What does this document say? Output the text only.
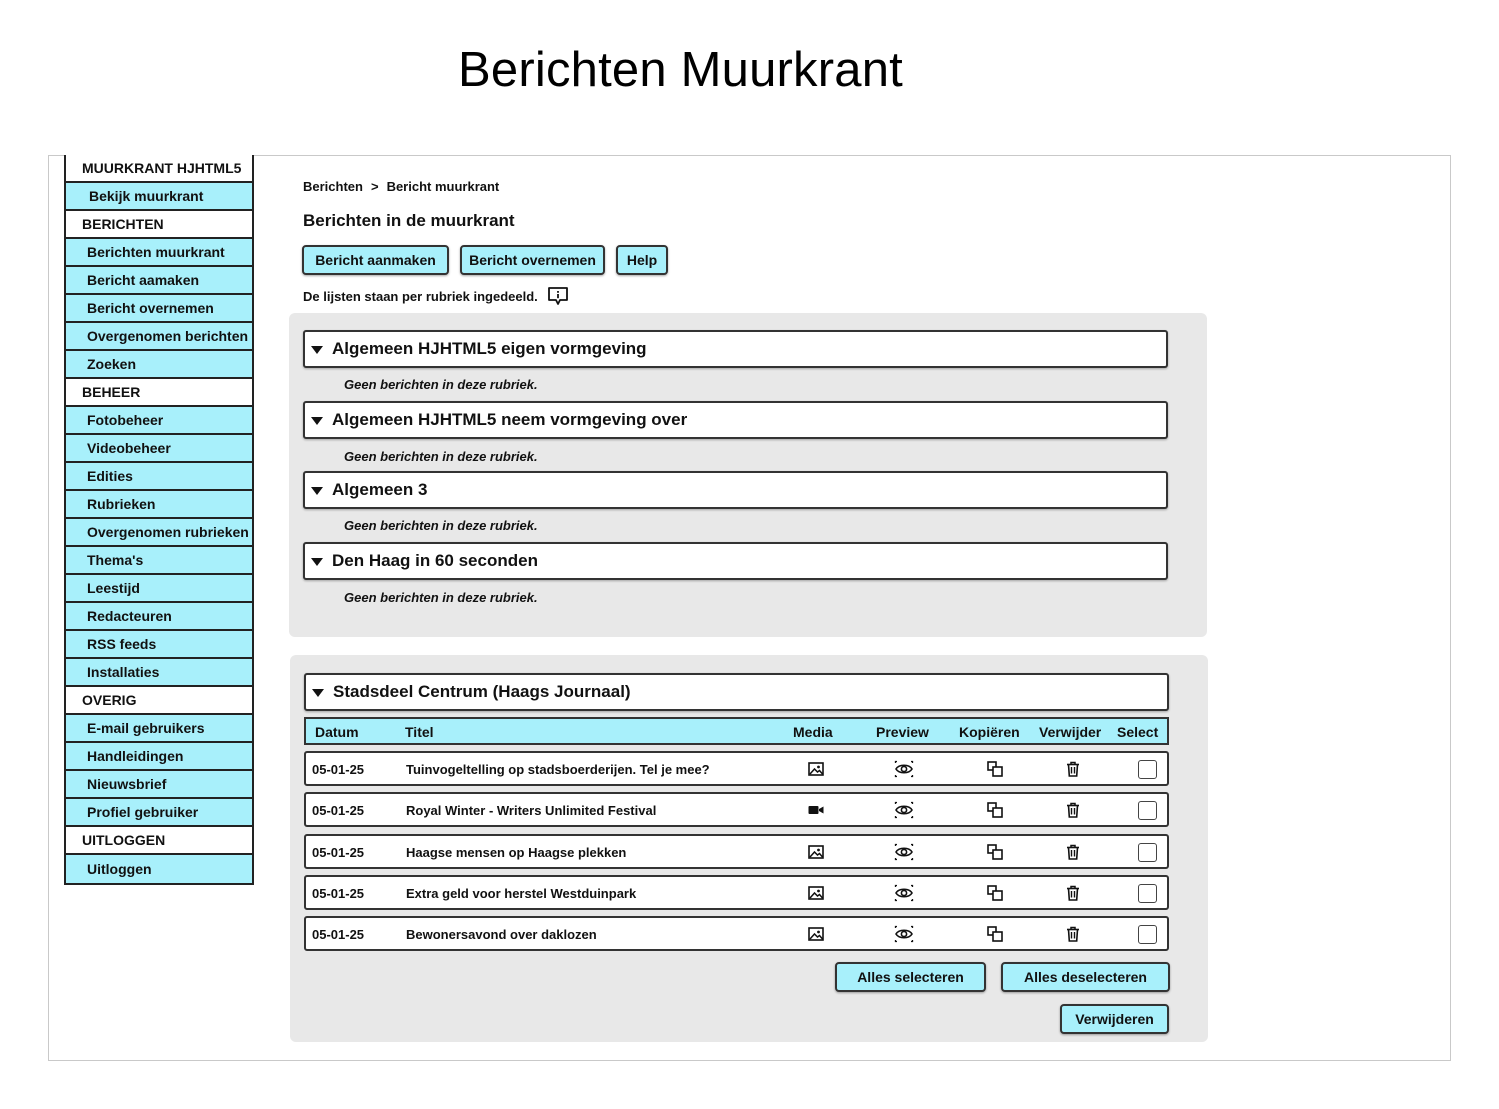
Berichten Muurkrant
MUURKRANT HJHTML5
Bekijk muurkrant
BERICHTEN
Berichten muurkrant
Bericht aamaken
Bericht overnemen
Overgenomen berichten
Zoeken
BEHEER
Fotobeheer
Videobeheer
Edities
Rubrieken
Overgenomen rubrieken
Thema's
Leestijd
Redacteuren
RSS feeds
Installaties
OVERIG
E-mail gebruikers
Handleidingen
Nieuwsbrief
Profiel gebruiker
UITLOGGEN
Uitloggen
Berichten > Bericht muurkrant
Berichten in de muurkrant
Bericht aanmaken	Bericht overnemen	Help
De lijsten staan per rubriek ingedeeld.
Algemeen HJHTML5 eigen vormgeving
Geen berichten in deze rubriek.
Algemeen HJHTML5 neem vormgeving over
Geen berichten in deze rubriek.
Algemeen 3
Geen berichten in deze rubriek.
Den Haag in 60 seconden
Geen berichten in deze rubriek.
Stadsdeel Centrum (Haags Journaal)
Datum	Titel	Media	Preview Kopiëren Verwijder Select
05-01-25	Tuinvogeltelling op stadsboerderijen. Tel je mee?
05-01-25	Royal Winter - Writers Unlimited Festival
05-01-25	Haagse mensen op Haagse plekken
05-01-25	Extra geld voor herstel Westduinpark
05-01-25	Bewonersavond over daklozen
Alles selecteren	Alles deselecteren
Verwijderen
